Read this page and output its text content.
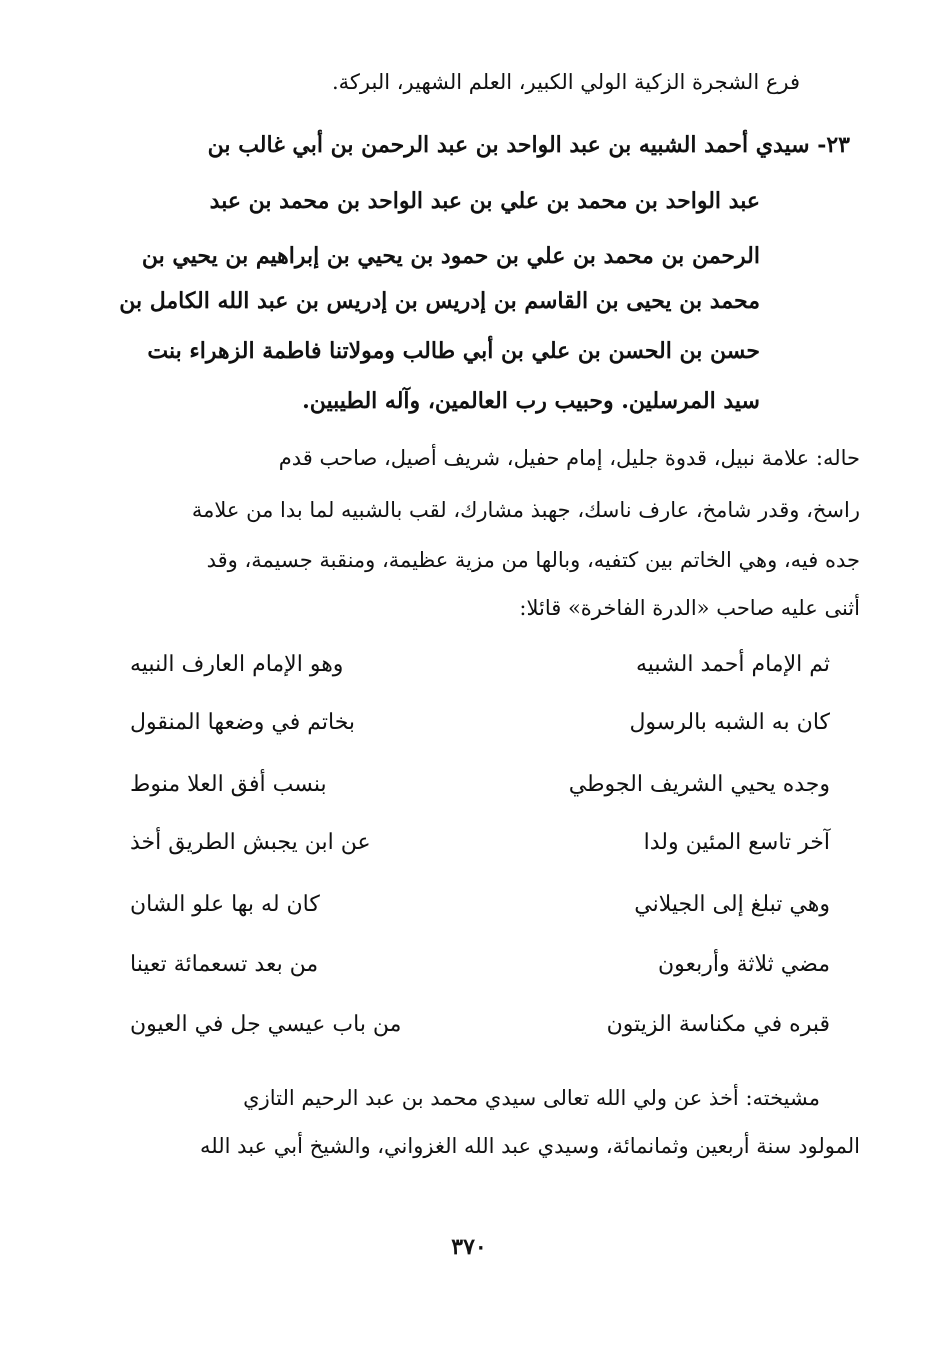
فرع الشجرة الزكية الولي الكبير، العلم الشهير، البركة.
٢٣- سيدي أحمد الشبيه بن عبد الواحد بن عبد الرحمن بن أبي غالب بن
عبد الواحد بن محمد بن علي بن عبد الواحد بن محمد بن عبد
الرحمن بن محمد بن علي بن حمود بن يحيي بن إبراهيم بن يحيي بن
محمد بن يحيى بن القاسم بن إدريس بن إدريس بن عبد الله الكامل بن
حسن بن الحسن بن علي بن أبي طالب ومولاتنا فاطمة الزهراء بنت
سيد المرسلين. وحبيب رب العالمين، وآله الطيبين.
حاله: علامة نبيل، قدوة جليل، إمام حفيل، شريف أصيل، صاحب قدم
راسخ، وقدر شامخ، عارف ناسك، جهبذ مشارك، لقب بالشبيه لما بدا من علامة
جده فيه، وهي الخاتم بين كتفيه، وبالها من مزية عظيمة، ومنقبة جسيمة، وقد
أثنى عليه صاحب «الدرة الفاخرة» قائلا:
ثم الإمام أحمد الشبيه
وهو الإمام العارف النبيه
كان به الشبه بالرسول
بخاتم في وضعها المنقول
وجده يحيي الشريف الجوطي
بنسب أفق العلا منوط
آخر تاسع المئين ولدا
عن ابن يجبش الطريق أخذ
وهي تبلغ إلى الجيلاني
كان له بها علو الشان
مضي ثلاثة وأربعون
من بعد تسعمائة تعينا
قبره في مكناسة الزيتون
من باب عيسي جل في العيون
مشيخته: أخذ عن ولي الله تعالى سيدي محمد بن عبد الرحيم التازي
المولود سنة أربعين وثمانمائة، وسيدي عبد الله الغزواني، والشيخ أبي عبد الله
٣٧٠
